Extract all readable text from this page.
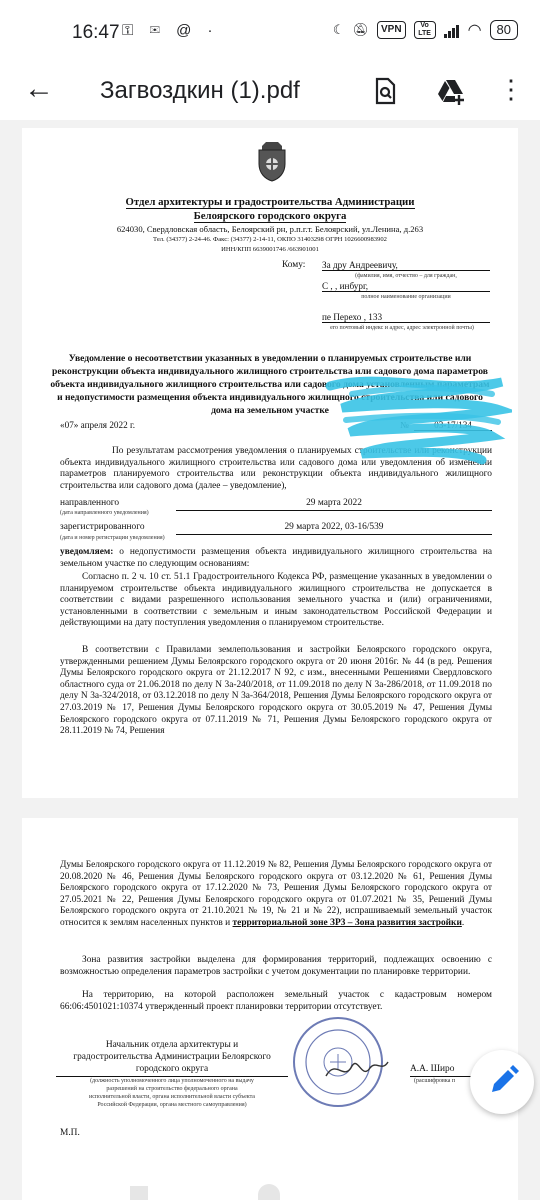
16:47 ⚿ ✉ @ ·	☾ 🔕︎	VPN	Vo LTE ◠	80
← Загвоздкин (1).pdf	⋮
Отдел архитектуры и градостроительства Администрации
Белоярского городского округа
624030, Свердловская область, Белоярский рн, р.п.г.т. Белоярский, ул.Ленина, д.263
Тел. (34377) 2-24-46. Факс: (34377) 2-14-11, ОКПО 31403298 ОГРН 1026600983902
ИНН/КПП 6639001746 /663901001
Кому: За дру Андреевичу,
(фамилия, имя, отчество – для граждан,
С , , инбург,
полное наименование организации
пе Перехо , 133
его почтовый индекс и адрес, адрес электронной почты)
Уведомление о несоответствии указанных в уведомлении о планируемых строительстве или реконструкции объекта индивидуального жилищного строительства или садового дома параметров объекта индивидуального жилищного строительства или садового дома установленным параметрам и недопустимости размещения объекта индивидуального жилищного строительства или садового дома на земельном участке
«07» апреля 2022 г.	№	03-17/134
По результатам рассмотрения уведомления о планируемых строительстве или реконструкции объекта индивидуального жилищного строительства или садового дома или уведомления об изменении параметров планируемого строительства или реконструкции объекта индивидуального жилищного строительства или садового дома (далее – уведомление),
направленного	29 марта 2022
(дата направленного уведомления)
зарегистрированного	29 марта 2022, 03-16/539
(дата и номер регистрации уведомления)
уведомляем: о недопустимости размещения объекта индивидуального жилищного строительства на земельном участке по следующим основаниям:
Согласно п. 2 ч. 10 ст. 51.1 Градостроительного Кодекса РФ, размещение указанных в уведомлении о планируемом строительстве объекта индивидуального жилищного строительства не допускается в соответствии с видами разрешенного использования земельного участка и (или) ограничениями, установленными в соответствии с земельным и иным законодательством Российской Федерации и действующими на дату поступления уведомления о планируемом строительстве.
В соответствии с Правилами землепользования и застройки Белоярского городского округа, утвержденными решением Думы Белоярского городского округа от 20 июня 2016г. № 44 (в ред. Решения Думы Белоярского городского округа от 21.12.2017 N 92, с изм., внесенными Решениями Свердловского областного суда от 21.06.2018 по делу N 3а-240/2018, от 11.09.2018 по делу N 3а-286/2018, от 11.09.2018 по делу N 3а-324/2018, от 03.12.2018 по делу N 3а-364/2018, Решения Думы Белоярского городского округа от 27.03.2019 № 17, Решения Думы Белоярского городского округа от 30.05.2019 № 47, Решения Думы Белоярского городского округа от 07.11.2019 № 71, Решения Думы Белоярского городского округа от 28.11.2019 № 74, Решения
Думы Белоярского городского округа от 11.12.2019 № 82, Решения Думы Белоярского городского округа от 20.08.2020 № 46, Решения Думы Белоярского городского округа от 03.12.2020 № 61, Решения Думы Белоярского городского округа от 17.12.2020 № 73, Решения Думы Белоярского городского округа от 27.05.2021 № 22, Решения Думы Белоярского городского округа от 01.07.2021 № 35, Решений Думы Белоярского городского округа от 21.10.2021 № 19, № 21 и № 22), испрашиваемый земельный участок относится к землям населенных пунктов и территориальной зоне ЗР3 – Зона развития застройки.
Зона развития застройки выделена для формирования территорий, подлежащих освоению с возможностью определения параметров застройки с учетом документации по планировке территории.
На территорию, на которой расположен земельный участок с кадастровым номером 66:06:4501021:10374 утвержденный проект планировки территории отсутствует.
Начальник отдела архитектуры и
градостроительства Администрации Белоярского
городского округа	А.А. Широ
(должность уполномоченного лица уполномоченного на выдачу
разрешений на строительство федерального органа
исполнительной власти, органа исполнительной власти субъекта
Российской Федерации, органа местного самоуправления)
(расшифровка п
М.П.
